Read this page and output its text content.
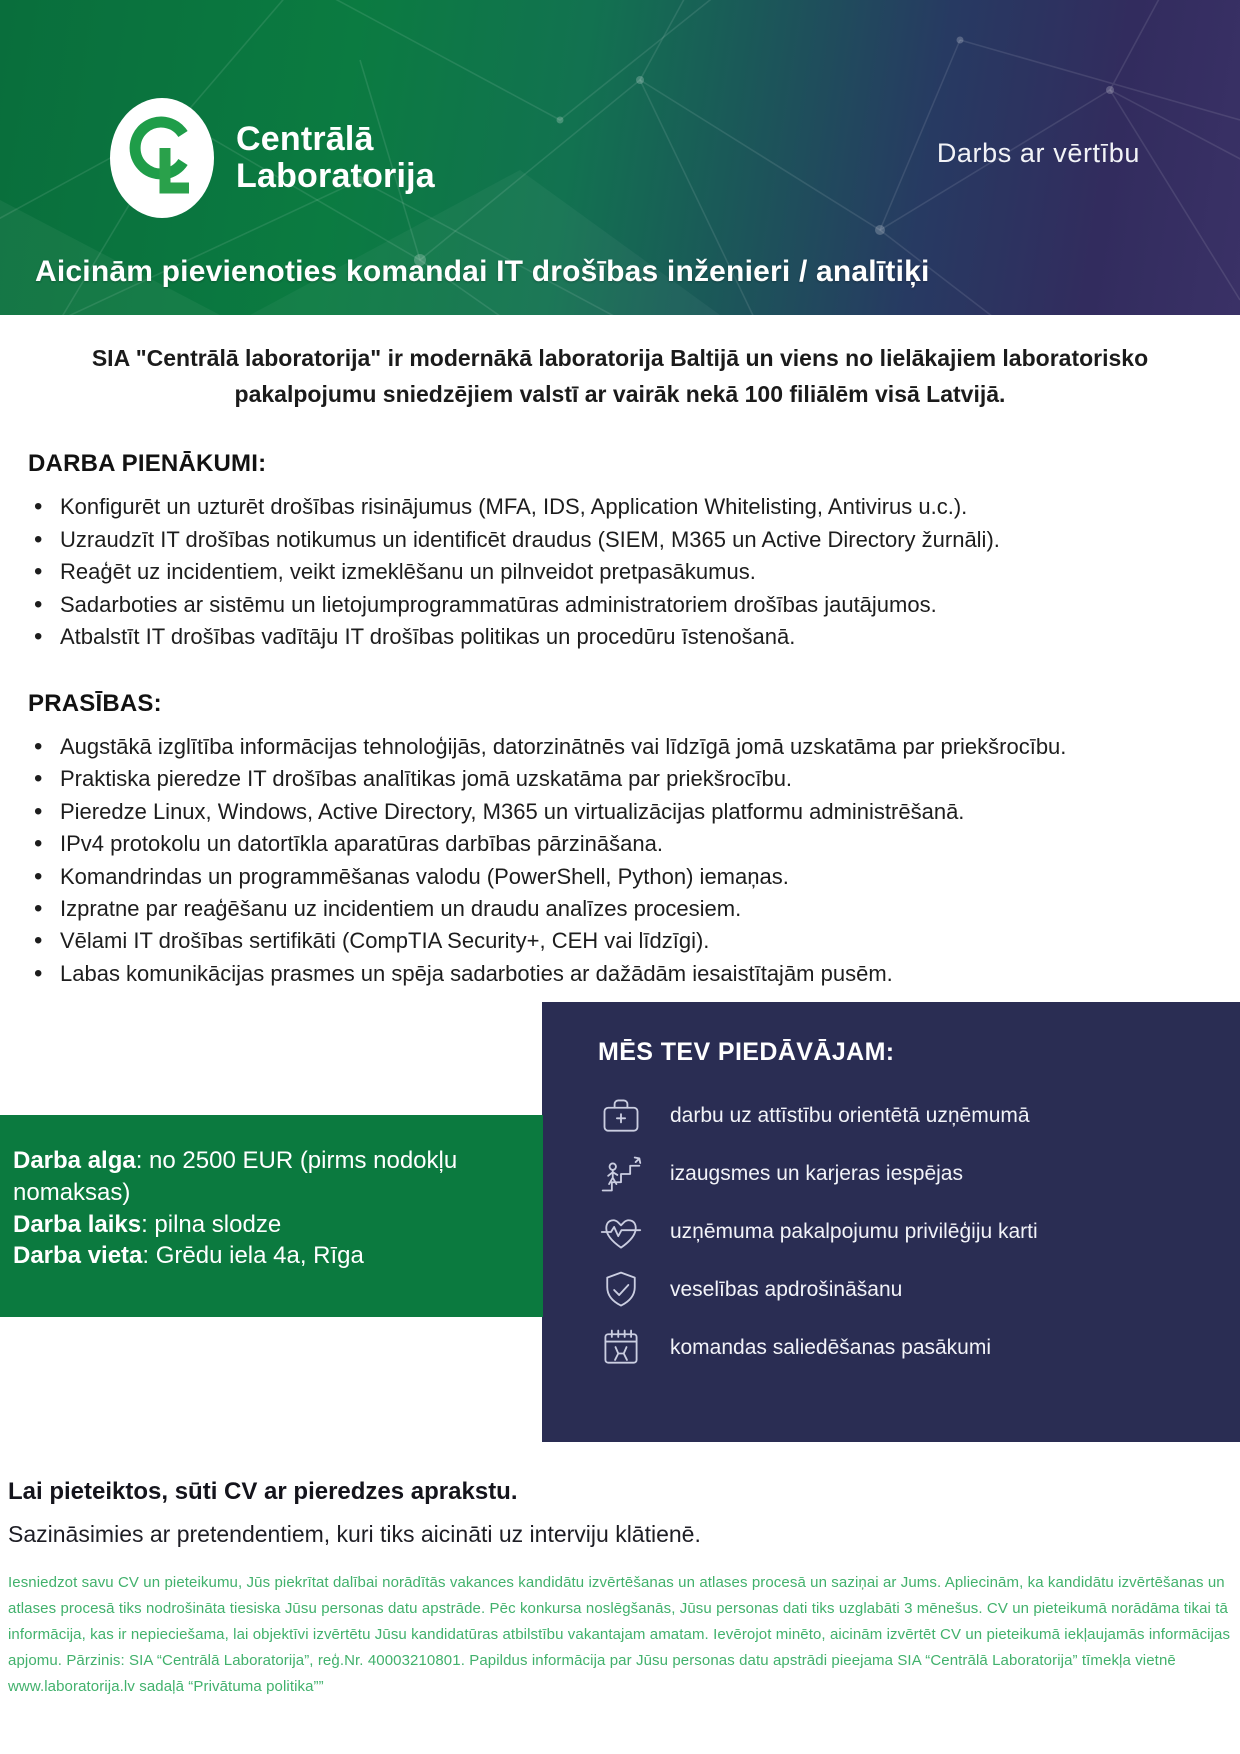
Centrālā
Laboratorija
Darbs ar vērtību
Aicinām pievienoties komandai IT drošības inženieri / analītiķi

SIA "Centrālā laboratorija" ir modernākā laboratorija Baltijā un viens no lielākajiem laboratorisko pakalpojumu sniedzējiem valstī ar vairāk nekā 100 filiālēm visā Latvijā.

DARBA PIENĀKUMI:
• Konfigurēt un uzturēt drošības risinājumus (MFA, IDS, Application Whitelisting, Antivirus u.c.).
• Uzraudzīt IT drošības notikumus un identificēt draudus (SIEM, M365 un Active Directory žurnāli).
• Reaģēt uz incidentiem, veikt izmeklēšanu un pilnveidot pretpasākumus.
• Sadarboties ar sistēmu un lietojumprogrammatūras administratoriem drošības jautājumos.
• Atbalstīt IT drošības vadītāju IT drošības politikas un procedūru īstenošanā.
PRASĪBAS:
• Augstākā izglītība informācijas tehnoloģijās, datorzinātnēs vai līdzīgā jomā uzskatāma par priekšrocību.
• Praktiska pieredze IT drošības analītikas jomā uzskatāma par priekšrocību.
• Pieredze Linux, Windows, Active Directory, M365 un virtualizācijas platformu administrēšanā.
• IPv4 protokolu un datortīkla aparatūras darbības pārzināšana.
• Komandrindas un programmēšanas valodu (PowerShell, Python) iemaņas.
• Izpratne par reaģēšanu uz incidentiem un draudu analīzes procesiem.
• Vēlami IT drošības sertifikāti (CompTIA Security+, CEH vai līdzīgi).
• Labas komunikācijas prasmes un spēja sadarboties ar dažādām iesaistītajām pusēm.
MĒS TEV PIEDĀVĀJAM:
darbu uz attīstību orientētā uzņēmumā
izaugsmes un karjeras iespējas
uzņēmuma pakalpojumu privilēģiju karti
veselības apdrošināšanu
komandas saliedēšanas pasākumi

Darba alga: no 2500 EUR (pirms nodokļu nomaksas)

Darba laiks: pilna slodze

Darba vieta: Grēdu iela 4a, Rīga

Lai pieteiktos, sūti CV ar pieredzes aprakstu.

Sazināsimies ar pretendentiem, kuri tiks aicināti uz interviju klātienē.

Iesniedzot savu CV un pieteikumu, Jūs piekrītat dalībai norādītās vakances kandidātu izvērtēšanas un atlases procesā un saziņai ar Jums. Apliecinām, ka kandidātu izvērtēšanas un atlases procesā tiks nodrošināta tiesiska Jūsu personas datu apstrāde. Pēc konkursa noslēgšanās, Jūsu personas dati tiks uzglabāti 3 mēnešus. CV un pieteikumā norādāma tikai tā informācija, kas ir nepieciešama, lai objektīvi izvērtētu Jūsu kandidatūras atbilstību vakantajam amatam. Ievērojot minēto, aicinām izvērtēt CV un pieteikumā iekļaujamās informācijas apjomu. Pārzinis: SIA “Centrālā Laboratorija”, reģ.Nr. 40003210801. Papildus informācija par Jūsu personas datu apstrādi pieejama SIA “Centrālā Laboratorija” tīmekļa vietnē www.laboratorija.lv sadaļā “Privātuma politika””
